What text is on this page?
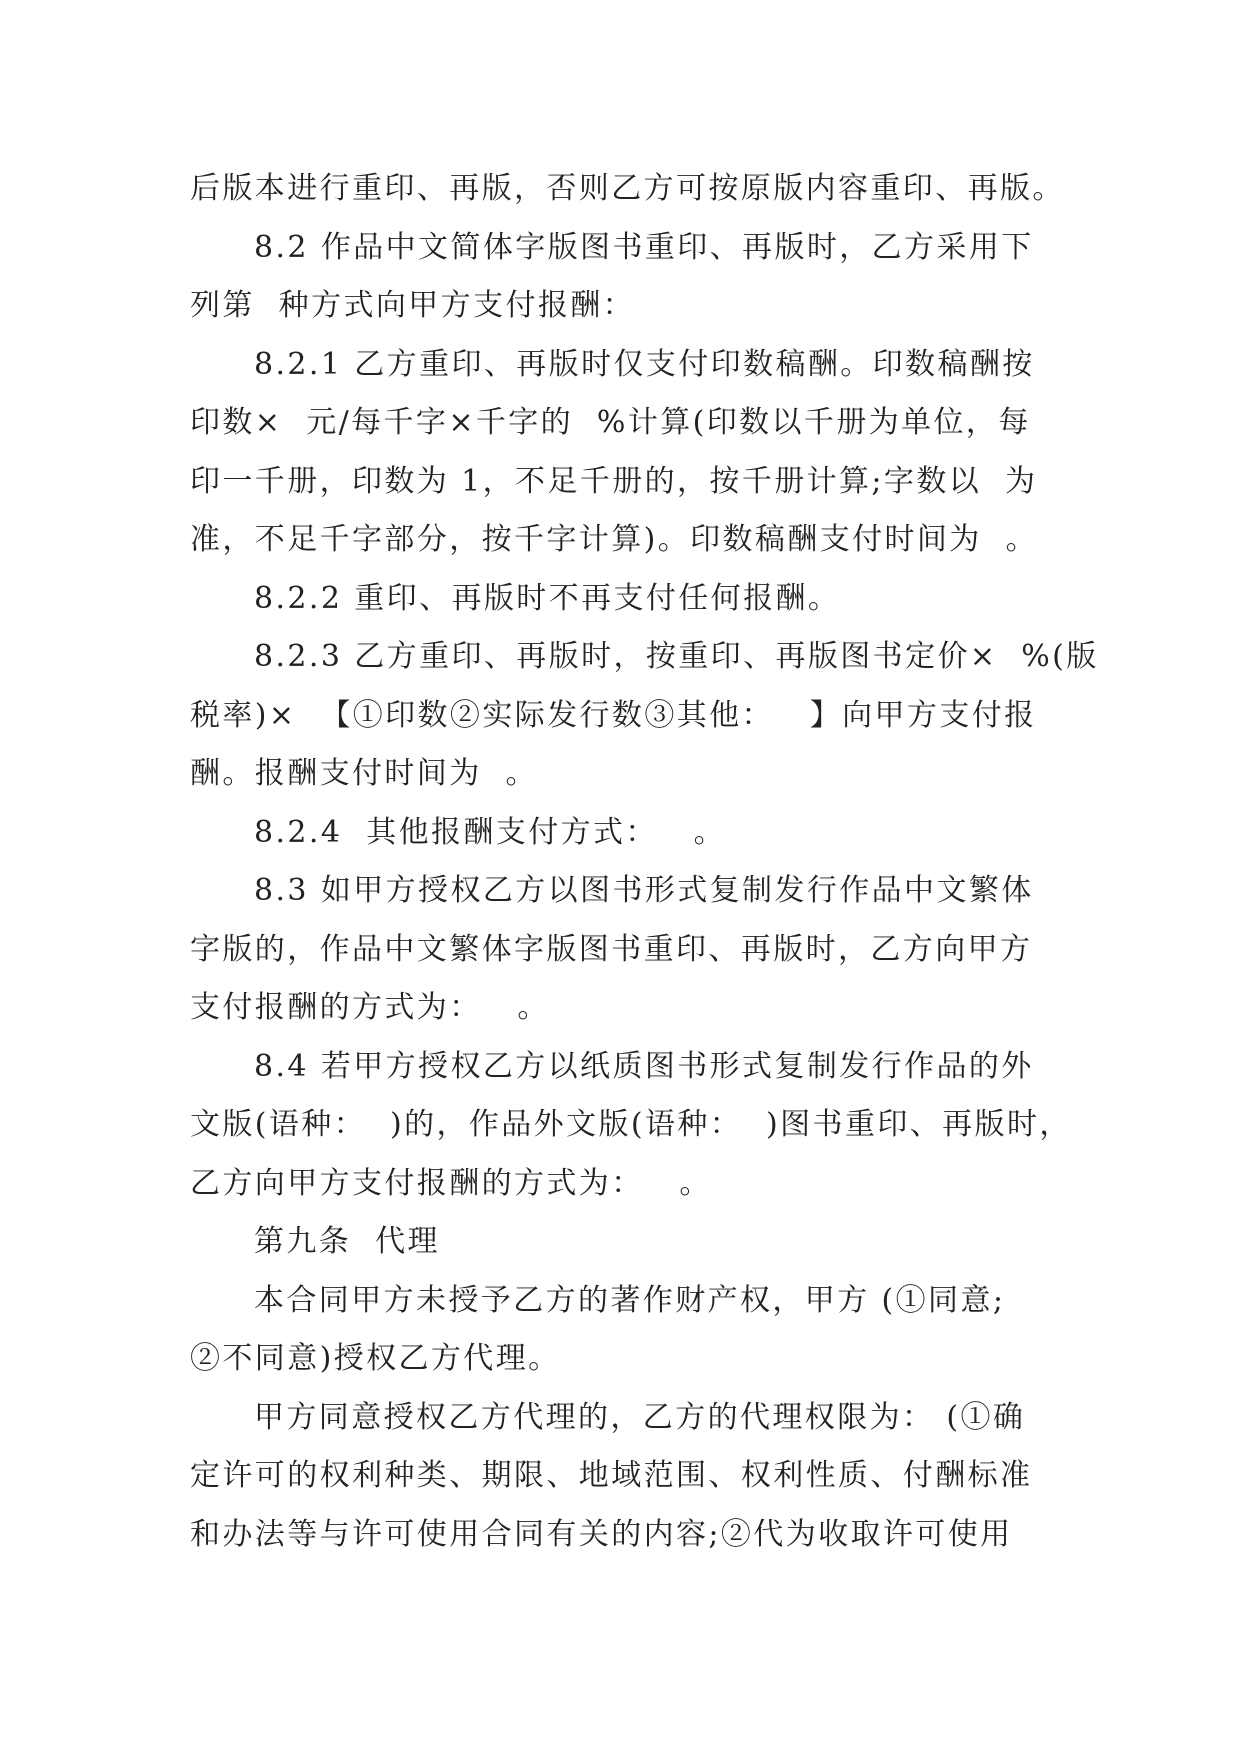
后版本进行重印、再版，否则乙方可按原版内容重印、再版。
8.2 作品中文简体字版图书重印、再版时，乙方采用下
列第  种方式向甲方支付报酬：
8.2.1 乙方重印、再版时仅支付印数稿酬。印数稿酬按
印数×  元/每千字×千字的  %计算(印数以千册为单位，每
印一千册，印数为 1，不足千册的，按千册计算;字数以  为
准，不足千字部分，按千字计算)。印数稿酬支付时间为  。
8.2.2 重印、再版时不再支付任何报酬。
8.2.3 乙方重印、再版时，按重印、再版图书定价×  %(版
税率)×  【①印数②实际发行数③其他：   】向甲方支付报
酬。报酬支付时间为  。
8.2.4  其他报酬支付方式：   。
8.3 如甲方授权乙方以图书形式复制发行作品中文繁体
字版的，作品中文繁体字版图书重印、再版时，乙方向甲方
支付报酬的方式为：   。
8.4 若甲方授权乙方以纸质图书形式复制发行作品的外
文版(语种：  )的，作品外文版(语种：  )图书重印、再版时，
乙方向甲方支付报酬的方式为：   。
第九条  代理
本合同甲方未授予乙方的著作财产权，甲方 (①同意;
②不同意)授权乙方代理。
甲方同意授权乙方代理的，乙方的代理权限为： (①确
定许可的权利种类、期限、地域范围、权利性质、付酬标准
和办法等与许可使用合同有关的内容;②代为收取许可使用
